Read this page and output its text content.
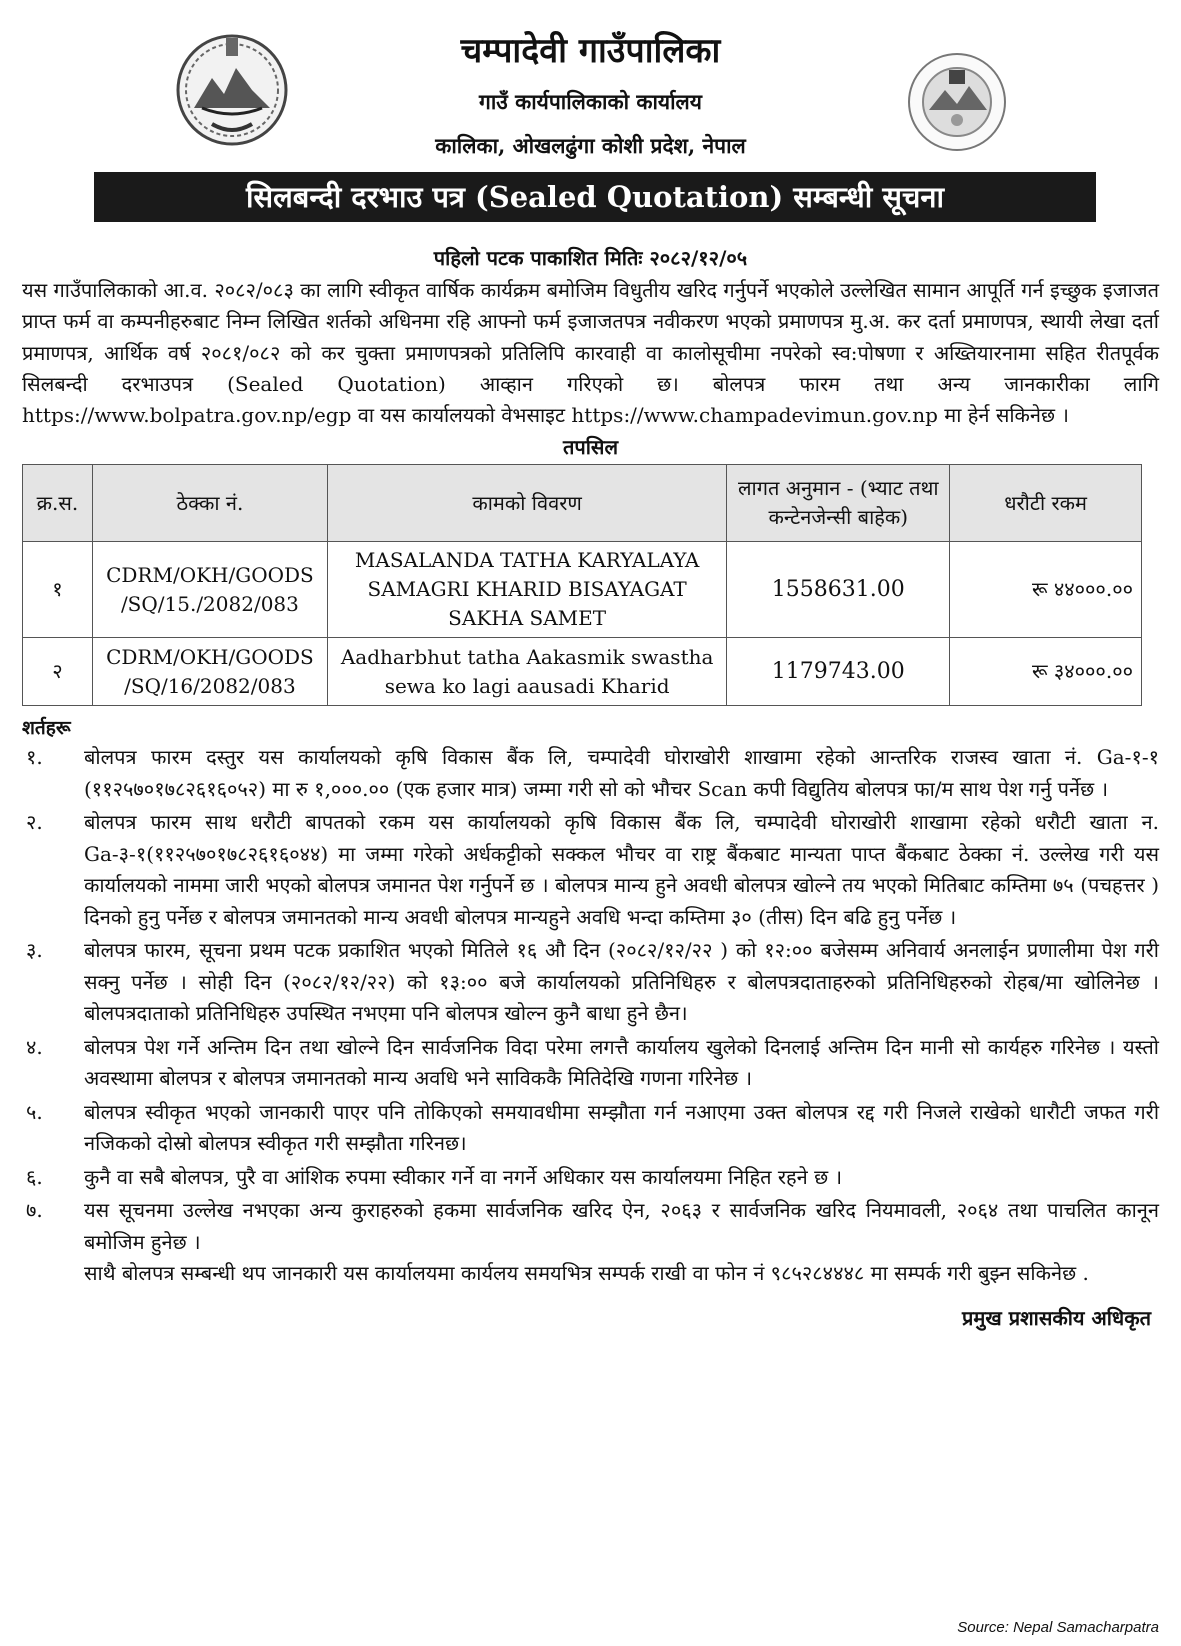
चम्पादेवी गाउँपालिका
गाउँ कार्यपालिकाको कार्यालय
कालिका, ओखलढुंगा कोशी प्रदेश, नेपाल
सिलबन्दी दरभाउ पत्र (Sealed Quotation) सम्बन्धी सूचना
पहिलो पटक पाकाशित मितिः २०८२/१२/०५
यस गाउँपालिकाको आ.व. २०८२/०८३ का लागि स्वीकृत वार्षिक कार्यक्रम बमोजिम विधुतीय खरिद गर्नुपर्ने भएकोले उल्लेखित सामान आपूर्ति गर्न इच्छुक इजाजत प्राप्त फर्म वा कम्पनीहरुबाट निम्न लिखित शर्तको अधिनमा रहि आफ्नो फर्म इजाजतपत्र नवीकरण भएको प्रमाणपत्र मु.अ. कर दर्ता प्रमाणपत्र, स्थायी लेखा दर्ता प्रमाणपत्र, आर्थिक वर्ष २०८१/०८२ को कर चुक्ता प्रमाणपत्रको प्रतिलिपि कारवाही वा कालोसूचीमा नपरेको स्व:पोषणा र अख्तियारनामा सहित रीतपूर्वक सिलबन्दी दरभाउपत्र (Sealed Quotation) आव्हान गरिएको छ। बोलपत्र फारम तथा अन्य जानकारीका लागि https://www.bolpatra.gov.np/egp वा यस कार्यालयको वेभसाइट https://www.champadevimun.gov.np मा हेर्न सकिनेछ ।
तपसिल
क्र.स.	ठेक्का नं.	कामको विवरण	लागत अनुमान - (भ्याट तथा कन्टेनजेन्सी बाहेक)	धरौटी रकम
१	CDRM/OKH/GOODS /SQ/15./2082/083	MASALANDA TATHA KARYALAYA SAMAGRI KHARID BISAYAGAT SAKHA SAMET	1558631.00	रू ४४०००.००
२	CDRM/OKH/GOODS /SQ/16/2082/083	Aadharbhut tatha Aakasmik swastha sewa ko lagi aausadi Kharid	1179743.00	रू ३४०००.००
शर्तहरू
१. बोलपत्र फारम दस्तुर यस कार्यालयको कृषि विकास बैंक लि, चम्पादेवी घोराखोरी शाखामा रहेको आन्तरिक राजस्व खाता नं. Ga-१-१ (११२५७०१७८२६१६०५२) मा रु १,०००.०० (एक हजार मात्र) जम्मा गरी सो को भौचर Scan कपी विद्युतिय बोलपत्र फा/म साथ पेश गर्नु पर्नेछ ।
२. बोलपत्र फारम साथ धरौटी बापतको रकम यस कार्यालयको कृषि विकास बैंक लि, चम्पादेवी घोराखोरी शाखामा रहेको धरौटी खाता न. Ga-३-१(११२५७०१७८२६१६०४४) मा जम्मा गरेको अर्धकट्टीको सक्कल भौचर वा राष्ट्र बैंकबाट मान्यता पाप्त बैंकबाट ठेक्का नं. उल्लेख गरी यस कार्यालयको नाममा जारी भएको बोलपत्र जमानत पेश गर्नुपर्ने छ । बोलपत्र मान्य हुने अवधी बोलपत्र खोल्ने तय भएको मितिबाट कम्तिमा ७५ (पचहत्तर ) दिनको हुनु पर्नेछ र बोलपत्र जमानतको मान्य अवधी बोलपत्र मान्यहुने अवधि भन्दा कम्तिमा ३० (तीस) दिन बढि हुनु पर्नेछ ।
३. बोलपत्र फारम, सूचना प्रथम पटक प्रकाशित भएको मितिले १६ औ दिन (२०८२/१२/२२ ) को १२:०० बजेसम्म अनिवार्य अनलाईन प्रणालीमा पेश गरी सक्नु पर्नेछ । सोही दिन (२०८२/१२/२२) को १३:०० बजे कार्यालयको प्रतिनिधिहरु र बोलपत्रदाताहरुको प्रतिनिधिहरुको रोहब/मा खोलिनेछ । बोलपत्रदाताको प्रतिनिधिहरु उपस्थित नभएमा पनि बोलपत्र खोल्न कुनै बाधा हुने छैन।
४. बोलपत्र पेश गर्ने अन्तिम दिन तथा खोल्ने दिन सार्वजनिक विदा परेमा लगत्तै कार्यालय खुलेको दिनलाई अन्तिम दिन मानी सो कार्यहरु गरिनेछ । यस्तो अवस्थामा बोलपत्र र बोलपत्र जमानतको मान्य अवधि भने साविककै मितिदेखि गणना गरिनेछ ।
५. बोलपत्र स्वीकृत भएको जानकारी पाएर पनि तोकिएको समयावधीमा सम्झौता गर्न नआएमा उक्त बोलपत्र रद्द गरी निजले राखेको धारौटी जफत गरी नजिकको दोस्रो बोलपत्र स्वीकृत गरी सम्झौता गरिनछ।
६. कुनै वा सबै बोलपत्र, पुरै वा आंशिक रुपमा स्वीकार गर्ने वा नगर्ने अधिकार यस कार्यालयमा निहित रहने छ ।
७. यस सूचनमा उल्लेख नभएका अन्य कुराहरुको हकमा सार्वजनिक खरिद ऐन, २०६३ र सार्वजनिक खरिद नियमावली, २०६४ तथा पाचलित कानून बमोजिम हुनेछ ।
साथै बोलपत्र सम्बन्धी थप जानकारी यस कार्यालयमा कार्यलय समयभित्र सम्पर्क राखी वा फोन नं ९८५२८४४४८ मा सम्पर्क गरी बुझ्न सकिनेछ .
प्रमुख प्रशासकीय अधिकृत
Source: Nepal Samacharpatra
